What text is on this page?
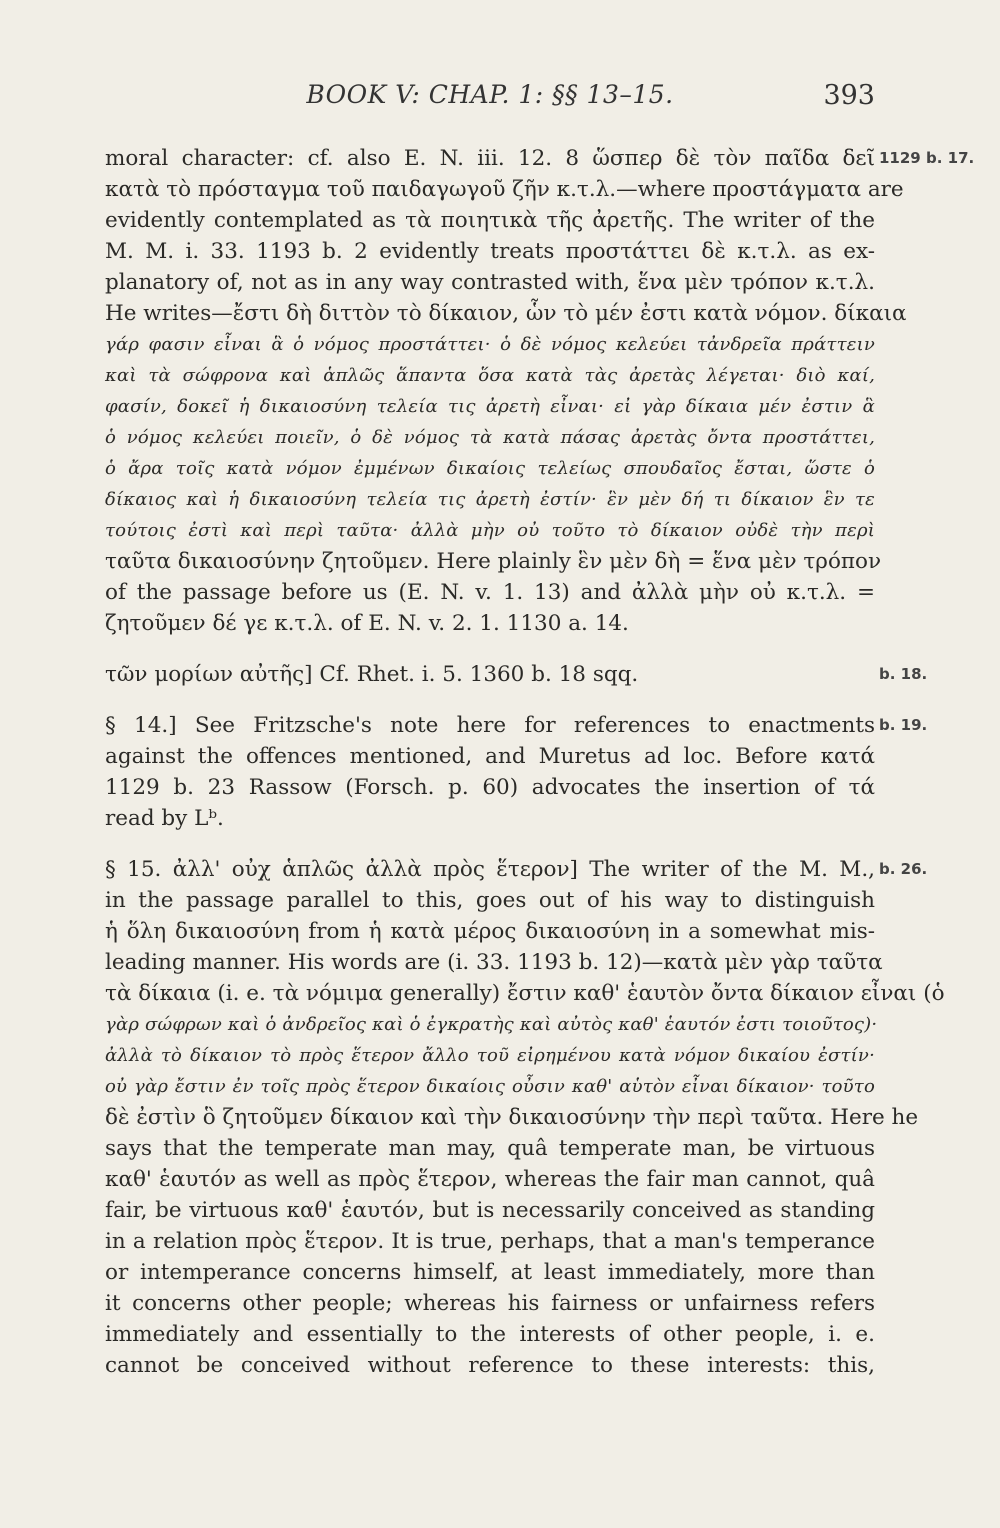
BOOK V: CHAP. 1: §§ 13–15.	393
moral character: cf. also E. N. iii. 12. 8 ὥσπερ δὲ τὸν παῖδα δεῖ 1129 b. 17.
κατὰ τὸ πρόσταγμα τοῦ παιδαγωγοῦ ζῆν κ.τ.λ.—where προστάγματα are
evidently contemplated as τὰ ποιητικὰ τῆς ἀρετῆς. The writer of the
M. M. i. 33. 1193 b. 2 evidently treats προστάττει δὲ κ.τ.λ. as ex-
planatory of, not as in any way contrasted with, ἕνα μὲν τρόπον κ.τ.λ.
He writes—ἔστι δὴ διττὸν τὸ δίκαιον, ὧν τὸ μέν ἐστι κατὰ νόμον. δίκαια
γάρ φασιν εἶναι ἃ ὁ νόμος προστάττει· ὁ δὲ νόμος κελεύει τἀνδρεῖα πράττειν
καὶ τὰ σώφρονα καὶ ἁπλῶς ἅπαντα ὅσα κατὰ τὰς ἀρετὰς λέγεται· διὸ καί,
φασίν, δοκεῖ ἡ δικαιοσύνη τελεία τις ἀρετὴ εἶναι· εἰ γὰρ δίκαια μέν ἐστιν ἃ
ὁ νόμος κελεύει ποιεῖν, ὁ δὲ νόμος τὰ κατὰ πάσας ἀρετὰς ὄντα προστάττει,
ὁ ἄρα τοῖς κατὰ νόμον ἐμμένων δικαίοις τελείως σπουδαῖος ἔσται, ὥστε ὁ
δίκαιος καὶ ἡ δικαιοσύνη τελεία τις ἀρετὴ ἐστίν· ἓν μὲν δή τι δίκαιον ἓν τε
τούτοις ἐστὶ καὶ περὶ ταῦτα· ἀλλὰ μὴν οὐ τοῦτο τὸ δίκαιον οὐδὲ τὴν περὶ
ταῦτα δικαιοσύνην ζητοῦμεν. Here plainly ἓν μὲν δὴ = ἕνα μὲν τρόπον
of the passage before us (E. N. v. 1. 13) and ἀλλὰ μὴν οὐ κ.τ.λ. =
ζητοῦμεν δέ γε κ.τ.λ. of E. N. v. 2. 1. 1130 a. 14.
τῶν μορίων αὐτῆς] Cf. Rhet. i. 5. 1360 b. 18 sqq.	b. 18.
§ 14.] See Fritzsche's note here for references to enactments b. 19.
against the offences mentioned, and Muretus ad loc. Before κατά
1129 b. 23 Rassow (Forsch. p. 60) advocates the insertion of τά
read by Lᵇ.
§ 15. ἀλλ' οὐχ ἁπλῶς ἀλλὰ πρὸς ἕτερον] The writer of the M. M., b. 26.
in the passage parallel to this, goes out of his way to distinguish
ἡ ὅλη δικαιοσύνη from ἡ κατὰ μέρος δικαιοσύνη in a somewhat mis-
leading manner. His words are (i. 33. 1193 b. 12)—κατὰ μὲν γὰρ ταῦτα
τὰ δίκαια (i. e. τὰ νόμιμα generally) ἔστιν καθ' ἑαυτὸν ὄντα δίκαιον εἶναι (ὁ
γὰρ σώφρων καὶ ὁ ἀνδρεῖος καὶ ὁ ἐγκρατὴς καὶ αὐτὸς καθ' ἑαυτόν ἐστι τοιοῦτος)·
ἀλλὰ τὸ δίκαιον τὸ πρὸς ἕτερον ἄλλο τοῦ εἰρημένου κατὰ νόμον δικαίου ἐστίν·
οὐ γὰρ ἔστιν ἐν τοῖς πρὸς ἕτερον δικαίοις οὖσιν καθ' αὑτὸν εἶναι δίκαιον· τοῦτο
δὲ ἐστὶν ὃ ζητοῦμεν δίκαιον καὶ τὴν δικαιοσύνην τὴν περὶ ταῦτα. Here he
says that the temperate man may, quâ temperate man, be virtuous
καθ' ἑαυτόν as well as πρὸς ἕτερον, whereas the fair man cannot, quâ
fair, be virtuous καθ' ἑαυτόν, but is necessarily conceived as standing
in a relation πρὸς ἕτερον. It is true, perhaps, that a man's temperance
or intemperance concerns himself, at least immediately, more than
it concerns other people; whereas his fairness or unfairness refers
immediately and essentially to the interests of other people, i. e.
cannot be conceived without reference to these interests: this,
